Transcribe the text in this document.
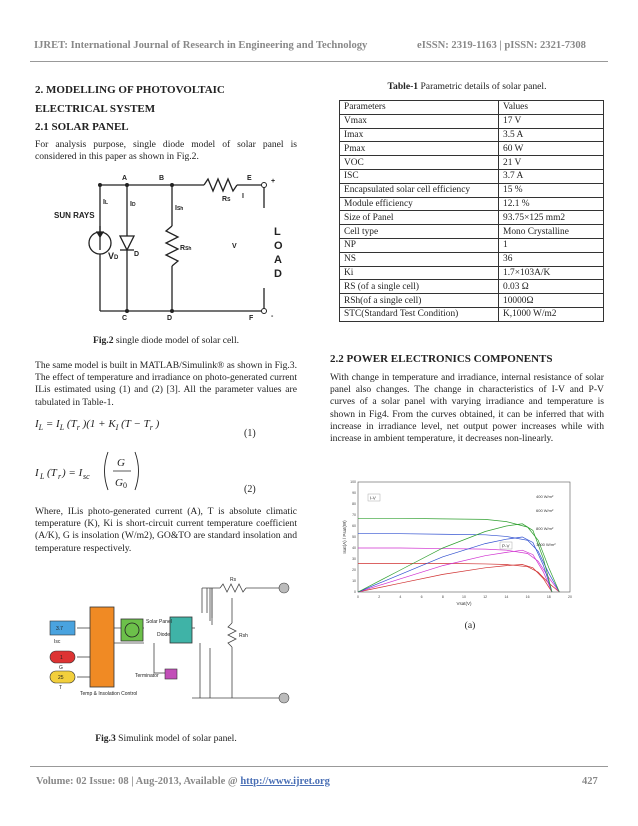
IJRET: International Journal of Research in Engineering and Technology	eISSN: 2319-1163 | pISSN: 2321-7308

2. MODELLING OF PHOTOVOLTAIC

ELECTRICAL SYSTEM

2.1 SOLAR PANEL

For analysis purpose, single diode model of solar panel is considered in this paper as shown in Fig.2.

A	B	E	+
C	D	F	-
SUN RAYS
VD D
IL	ID	ISh
RSh
RS I
V
L
O
A
D
Fig.2 single diode model of solar cell.

The same model is built in MATLAB/Simulink® as shown in Fig.3. The effect of temperature and irradiance on photo-generated current ILis estimated using (1) and (2) [3]. All the parameter values are tabulated in Table-1.

$I_L = I_L$ ($T_r$ )($1 + K_I$ ($T - T_r$ )
(1)
I L (T r ) = I sc
G
G 0	(2)

Where, ILis photo-generated current (A), T is absolute climatic temperature (K), Ki is short-circuit current temperature coefficient (A/K), G is insolation (W/m2), GO&TO are standard insolation and temperature respectively.

Rs
Rsh
Solar Panel
Diode
Terminator
Temp & Insolation Control
Isc
G
T
3.7
1
25
Fig.3 Simulink model of solar panel.
Table-1 Parametric details of solar panel.
Parameters	Values
Vmax	17 V
Imax	3.5 A
Pmax	60 W
VOC	21 V
ISC	3.7 A
Encapsulated solar cell efficiency	15 %
Module efficiency	12.1 %
Size of Panel	93.75×125 mm2
Cell type	Mono Crystalline
NP	1
NS	36
Ki	1.7×103A/K
RS (of a single cell)	0.03 Ω
RSh(of a single cell)	10000Ω
STC(Standard Test Condition)	K,1000 W/m2

2.2 POWER ELECTRONICS COMPONENTS

With change in temperature and irradiance, internal resistance of solar panel also changes. The change in characteristics of I-V and P-V curves of a solar panel with varying irradiance and temperature is shown in Fig4. From the curves obtained, it can be inferred that with increase in irradiance level, net output power increases while with increase in ambient temperature, it decreases non-linearly.

0	2	4	6	8	10	12	14	16	18	20
0
10
20
30
40
50
60
70
80
90
100
400 W/m²
600 W/m²
800 W/m²
1000 W/m²
I-V
P-V
Vsat(V)
Isat(A) / Psat(W)
(a)
Volume: 02 Issue: 08 | Aug-2013, Available @ http://www.ijret.org	427
